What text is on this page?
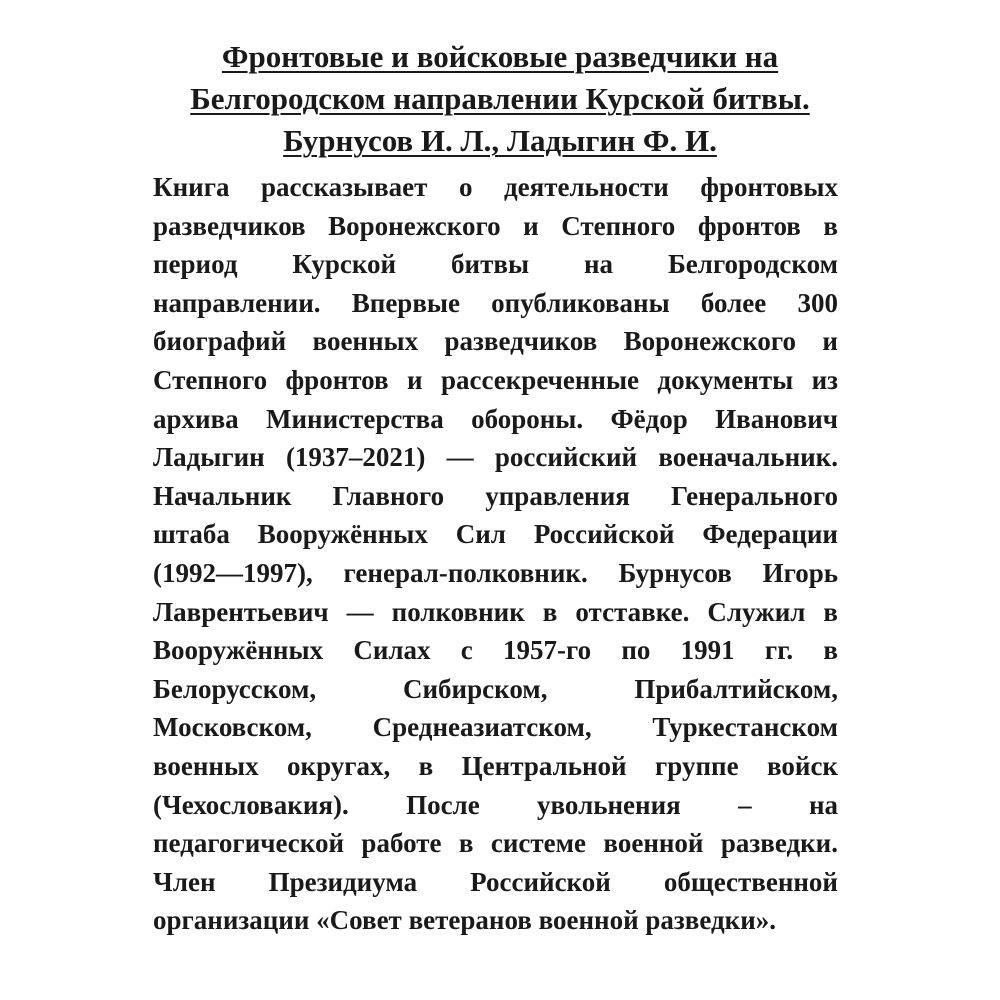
Фронтовые и войсковые разведчики на
Белгородском направлении Курской битвы.
Бурнусов И. Л., Ладыгин Ф. И.
Книга рассказывает о деятельности фронтовых
разведчиков Воронежского и Степного фронтов в
период Курской битвы на Белгородском
направлении. Впервые опубликованы более 300
биографий военных разведчиков Воронежского и
Степного фронтов и рассекреченные документы из
архива Министерства обороны. Фёдор Иванович
Ладыгин (1937–2021) — российский военачальник.
Начальник Главного управления Генерального
штаба Вооружённых Сил Российской Федерации
(1992—1997), генерал-полковник. Бурнусов Игорь
Лаврентьевич — полковник в отставке. Служил в
Вооружённых Силах с 1957-го по 1991 гг. в
Белорусском, Сибирском, Прибалтийском,
Московском, Среднеазиатском, Туркестанском
военных округах, в Центральной группе войск
(Чехословакия). После увольнения – на
педагогической работе в системе военной разведки.
Член Президиума Российской общественной
организации «Совет ветеранов военной разведки».
